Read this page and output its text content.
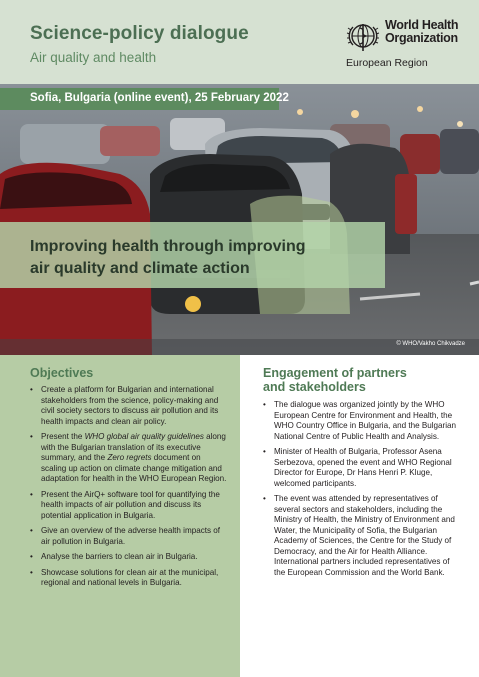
Science-policy dialogue
Air quality and health
World Health
Organization
European Region
Sofia, Bulgaria (online event), 25 February 2022
Improving health through improving
air quality and climate action
© WHO/Vakho Chikvadze
Objectives
• Create a platform for Bulgarian and international stakeholders from the science, policy-making and civil society sectors to discuss air pollution and its health impacts and clean air policy.
• Present the WHO global air quality guidelines along with the Bulgarian translation of its executive summary, and the Zero regrets document on scaling up action on climate change mitigation and adaptation for health in the WHO European Region.
• Present the AirQ+ software tool for quantifying the health impacts of air pollution and discuss its potential application in Bulgaria.
• Give an overview of the adverse health impacts of air pollution in Bulgaria.
• Analyse the barriers to clean air in Bulgaria.
• Showcase solutions for clean air at the municipal, regional and national levels in Bulgaria.
Engagement of partners
and stakeholders
• The dialogue was organized jointly by the WHO European Centre for Environment and Health, the WHO Country Office in Bulgaria, and the Bulgarian National Centre of Public Health and Analysis.
• Minister of Health of Bulgaria, Professor Asena Serbezova, opened the event and WHO Regional Director for Europe, Dr Hans Henri P. Kluge, welcomed participants.
• The event was attended by representatives of several sectors and stakeholders, including the Ministry of Health, the Ministry of Environment and Water, the Municipality of Sofia, the Bulgarian Academy of Sciences, the Centre for the Study of Democracy, and the Air for Health Alliance. International partners included representatives of the European Commission and the World Bank.
